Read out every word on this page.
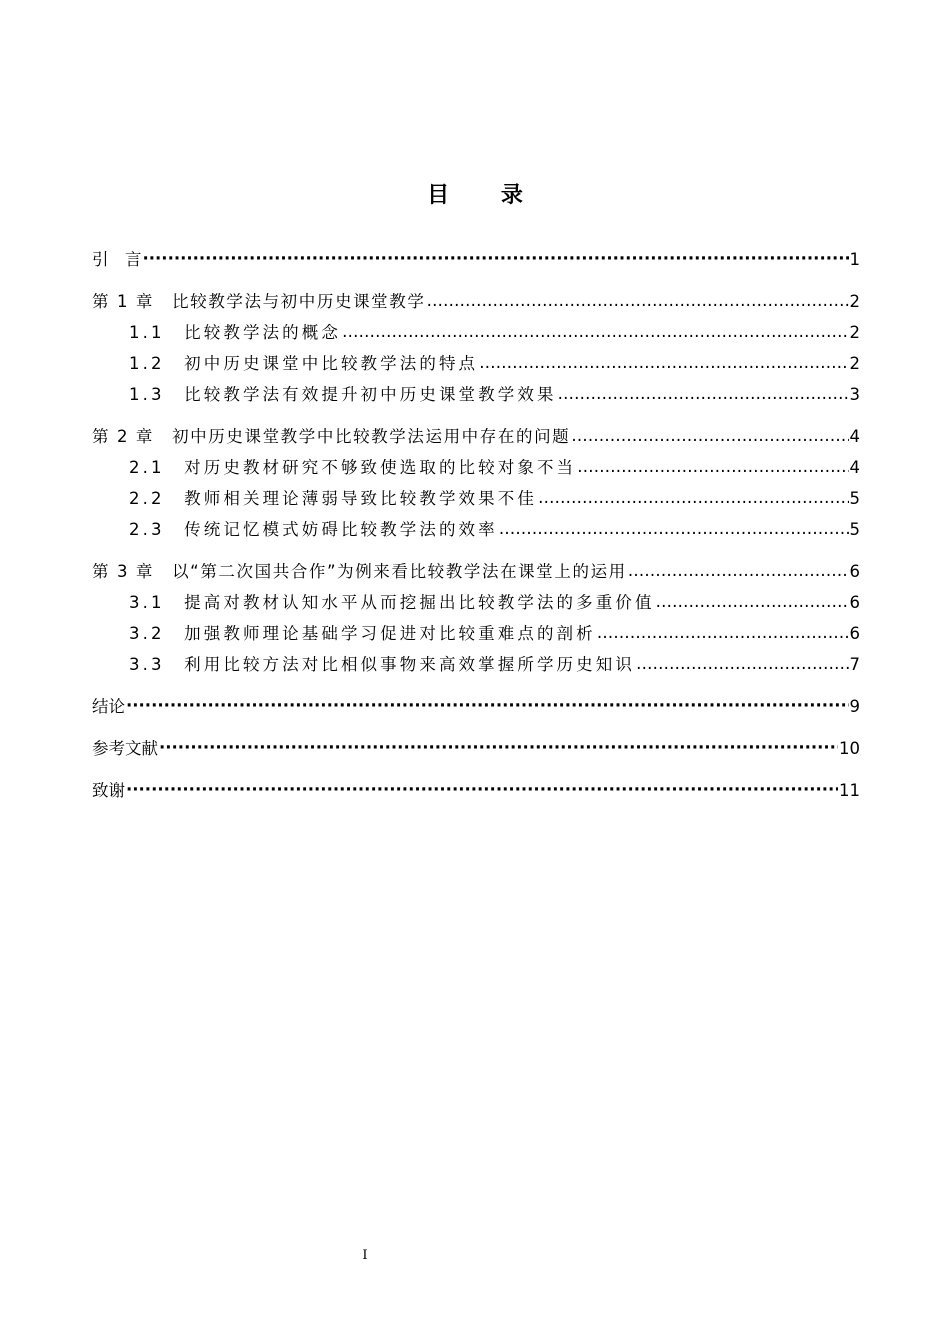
目 录
引　言 ·····	1
第 1 章　比较教学法与初中历史课堂教学 …………………………………………………………………………………………………………………………………………………………………………	2
1.1　比较教学法的概念 …………………………………………………………………………………………………………………………………………………………………………	2
1.2　初中历史课堂中比较教学法的特点 …………………………………………………………………………………………………………………………………………………………………………	2
1.3　比较教学法有效提升初中历史课堂教学效果 …………………………………………………………………………………………………………………………………………………………………………	3
第 2 章　初中历史课堂教学中比较教学法运用中存在的问题 …………………………………………………………………………………………………………………………………………………………………………	4
2.1　对历史教材研究不够致使选取的比较对象不当 …………………………………………………………………………………………………………………………………………………………………………	4
2.2　教师相关理论薄弱导致比较教学效果不佳 …………………………………………………………………………………………………………………………………………………………………………	5
2.3　传统记忆模式妨碍比较教学法的效率 …………………………………………………………………………………………………………………………………………………………………………	5
第 3 章　以“第二次国共合作”为例来看比较教学法在课堂上的运用 …………………………………………………………………………………………………………………………………………………………………………	6
3.1　提高对教材认知水平从而挖掘出比较教学法的多重价值 …………………………………………………………………………………………………………………………………………………………………………	6
3.2　加强教师理论基础学习促进对比较重难点的剖析 …………………………………………………………………………………………………………………………………………………………………………	6
3.3　利用比较方法对比相似事物来高效掌握所学历史知识 …………………………………………………………………………………………………………………………………………………………………………	7
结论 ·····	9
参考文献 ·····	10
致谢 ·····	11
I
